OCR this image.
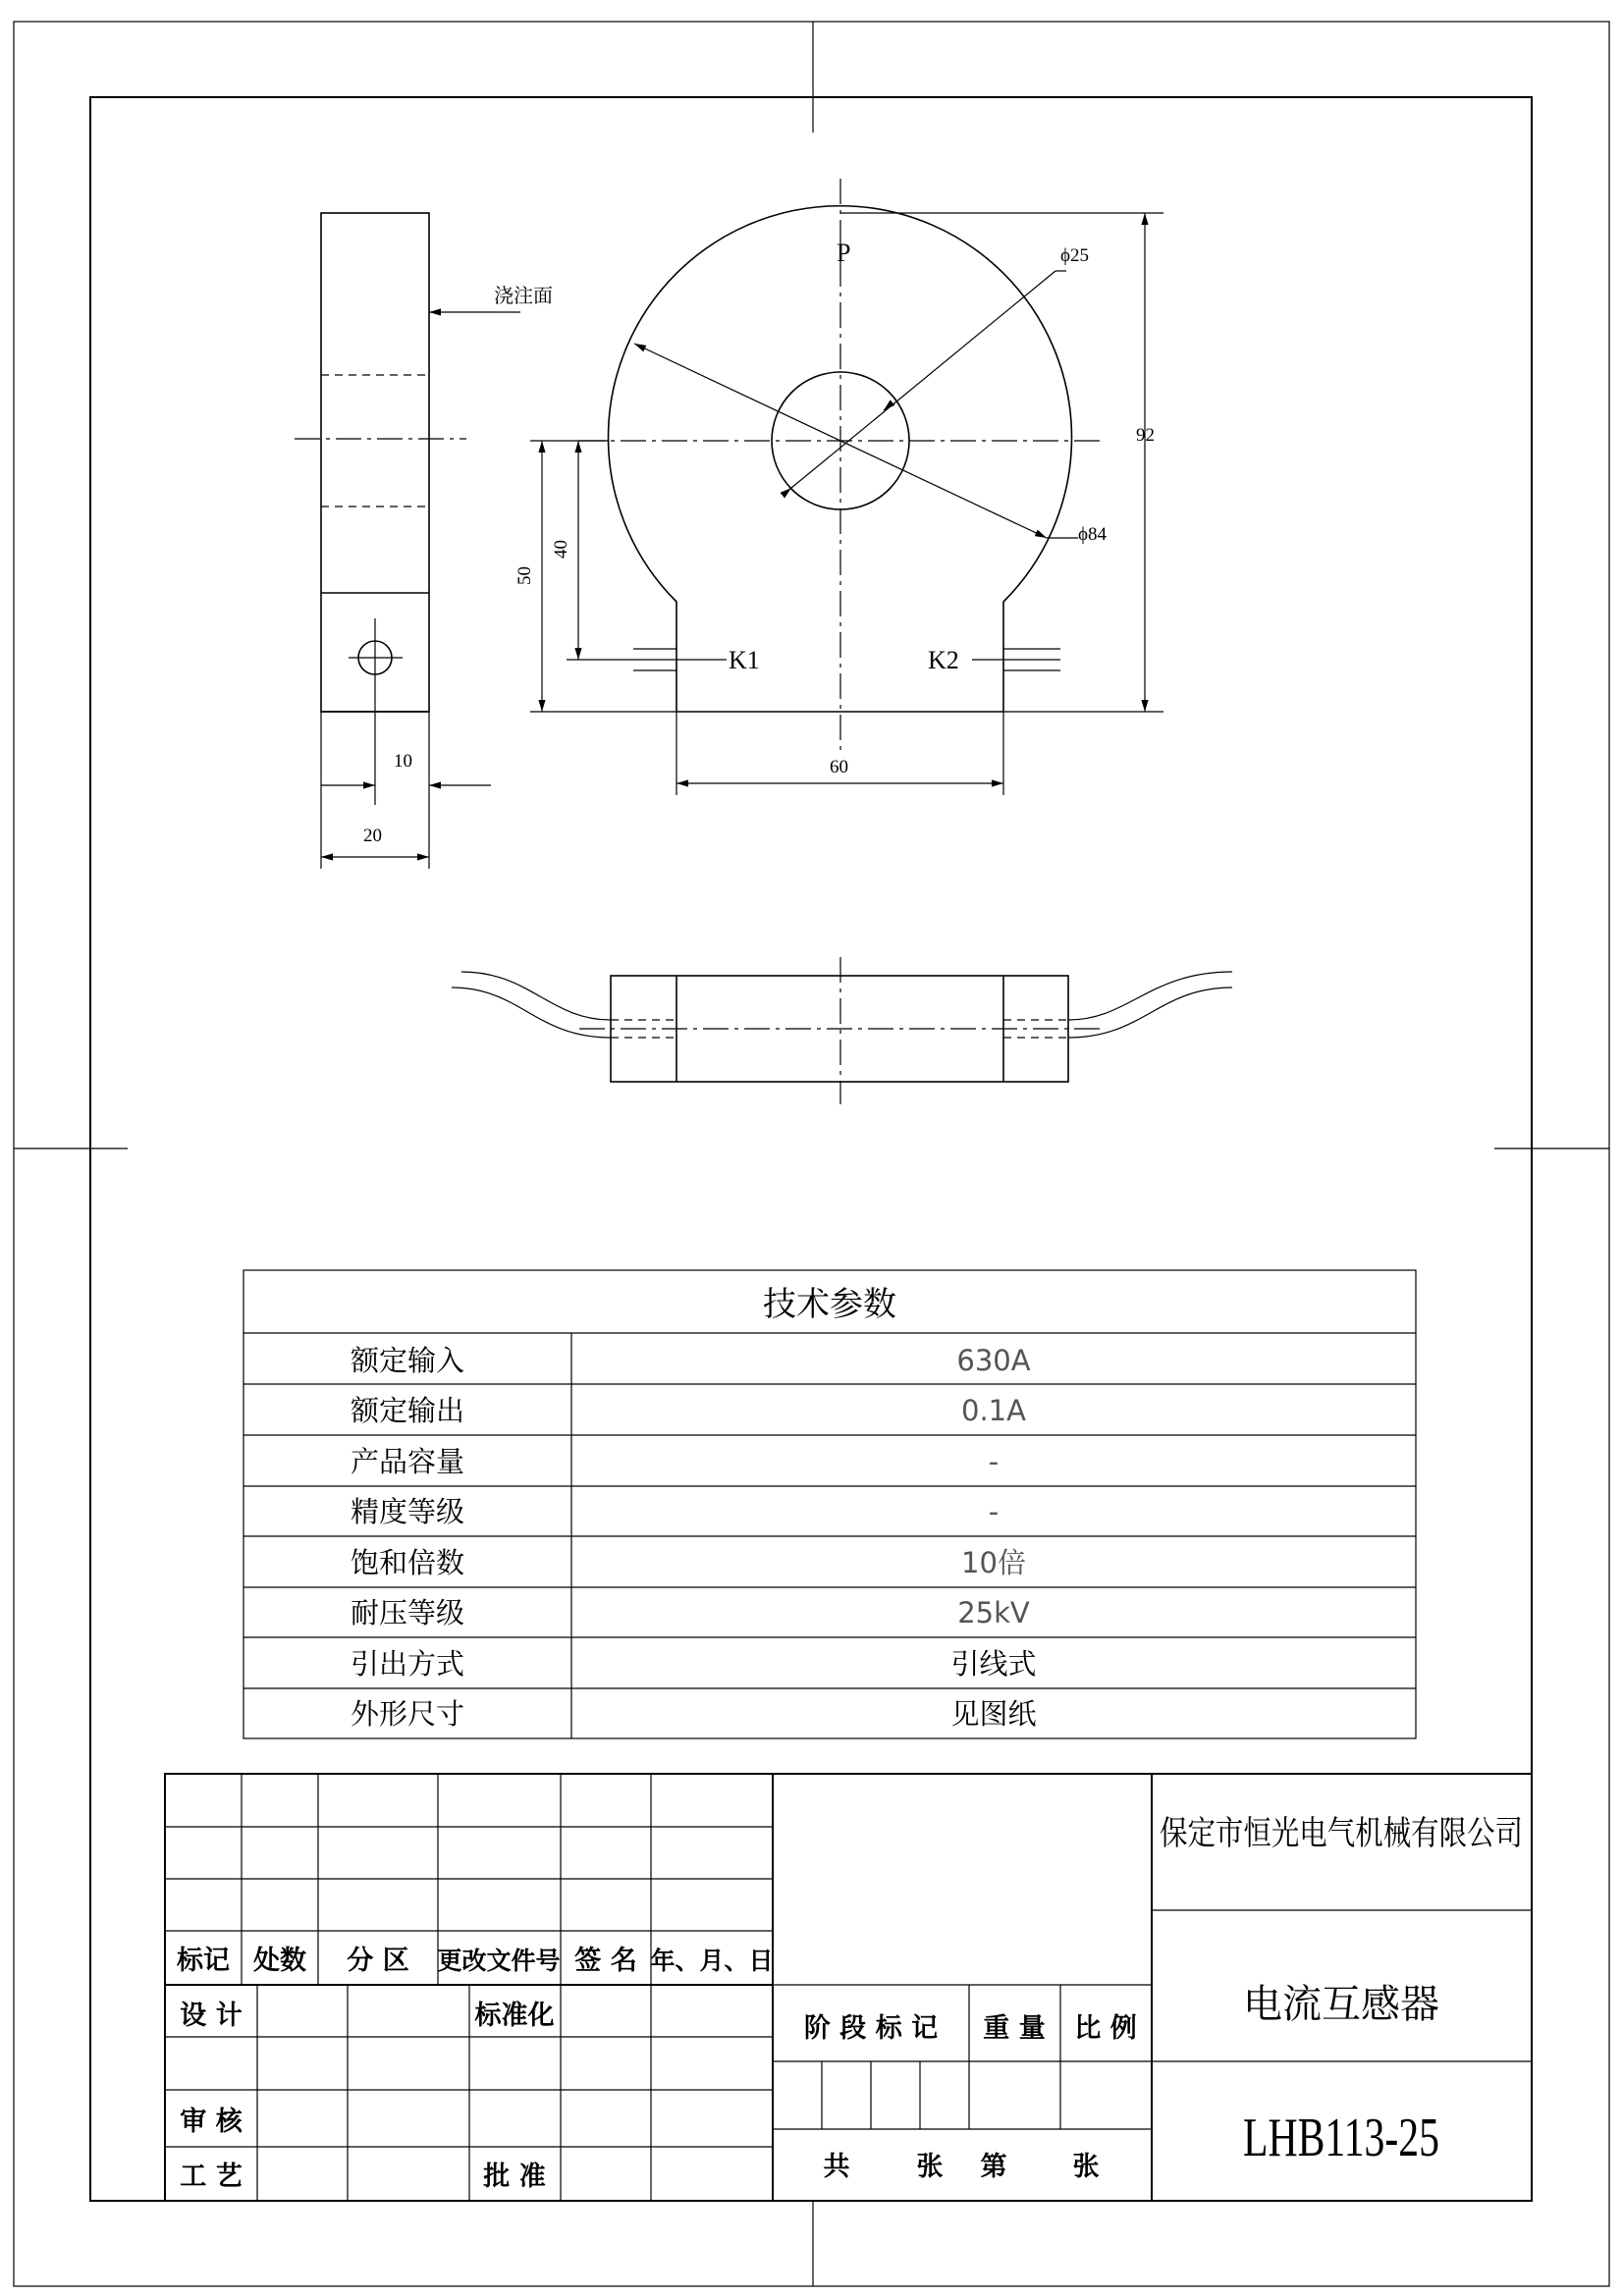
浇注面
10
20
K1	K2
P
ϕ84
ϕ25
92
50
40
60
技术参数
额定输入	630A
额定输出	0.1A
产品容量	-
精度等级	-
饱和倍数	10倍
耐压等级	25kV
引出方式	引线式
外形尺寸	见图纸
标记 处数 分 区 更改文件号 签 名 年、月、日
设 计	标准化
审 核
工 艺	批 准
阶 段 标 记 重 量 比 例
共	张 第 张
保定市恒光电气机械有限公司
电流互感器
LHB113-25
